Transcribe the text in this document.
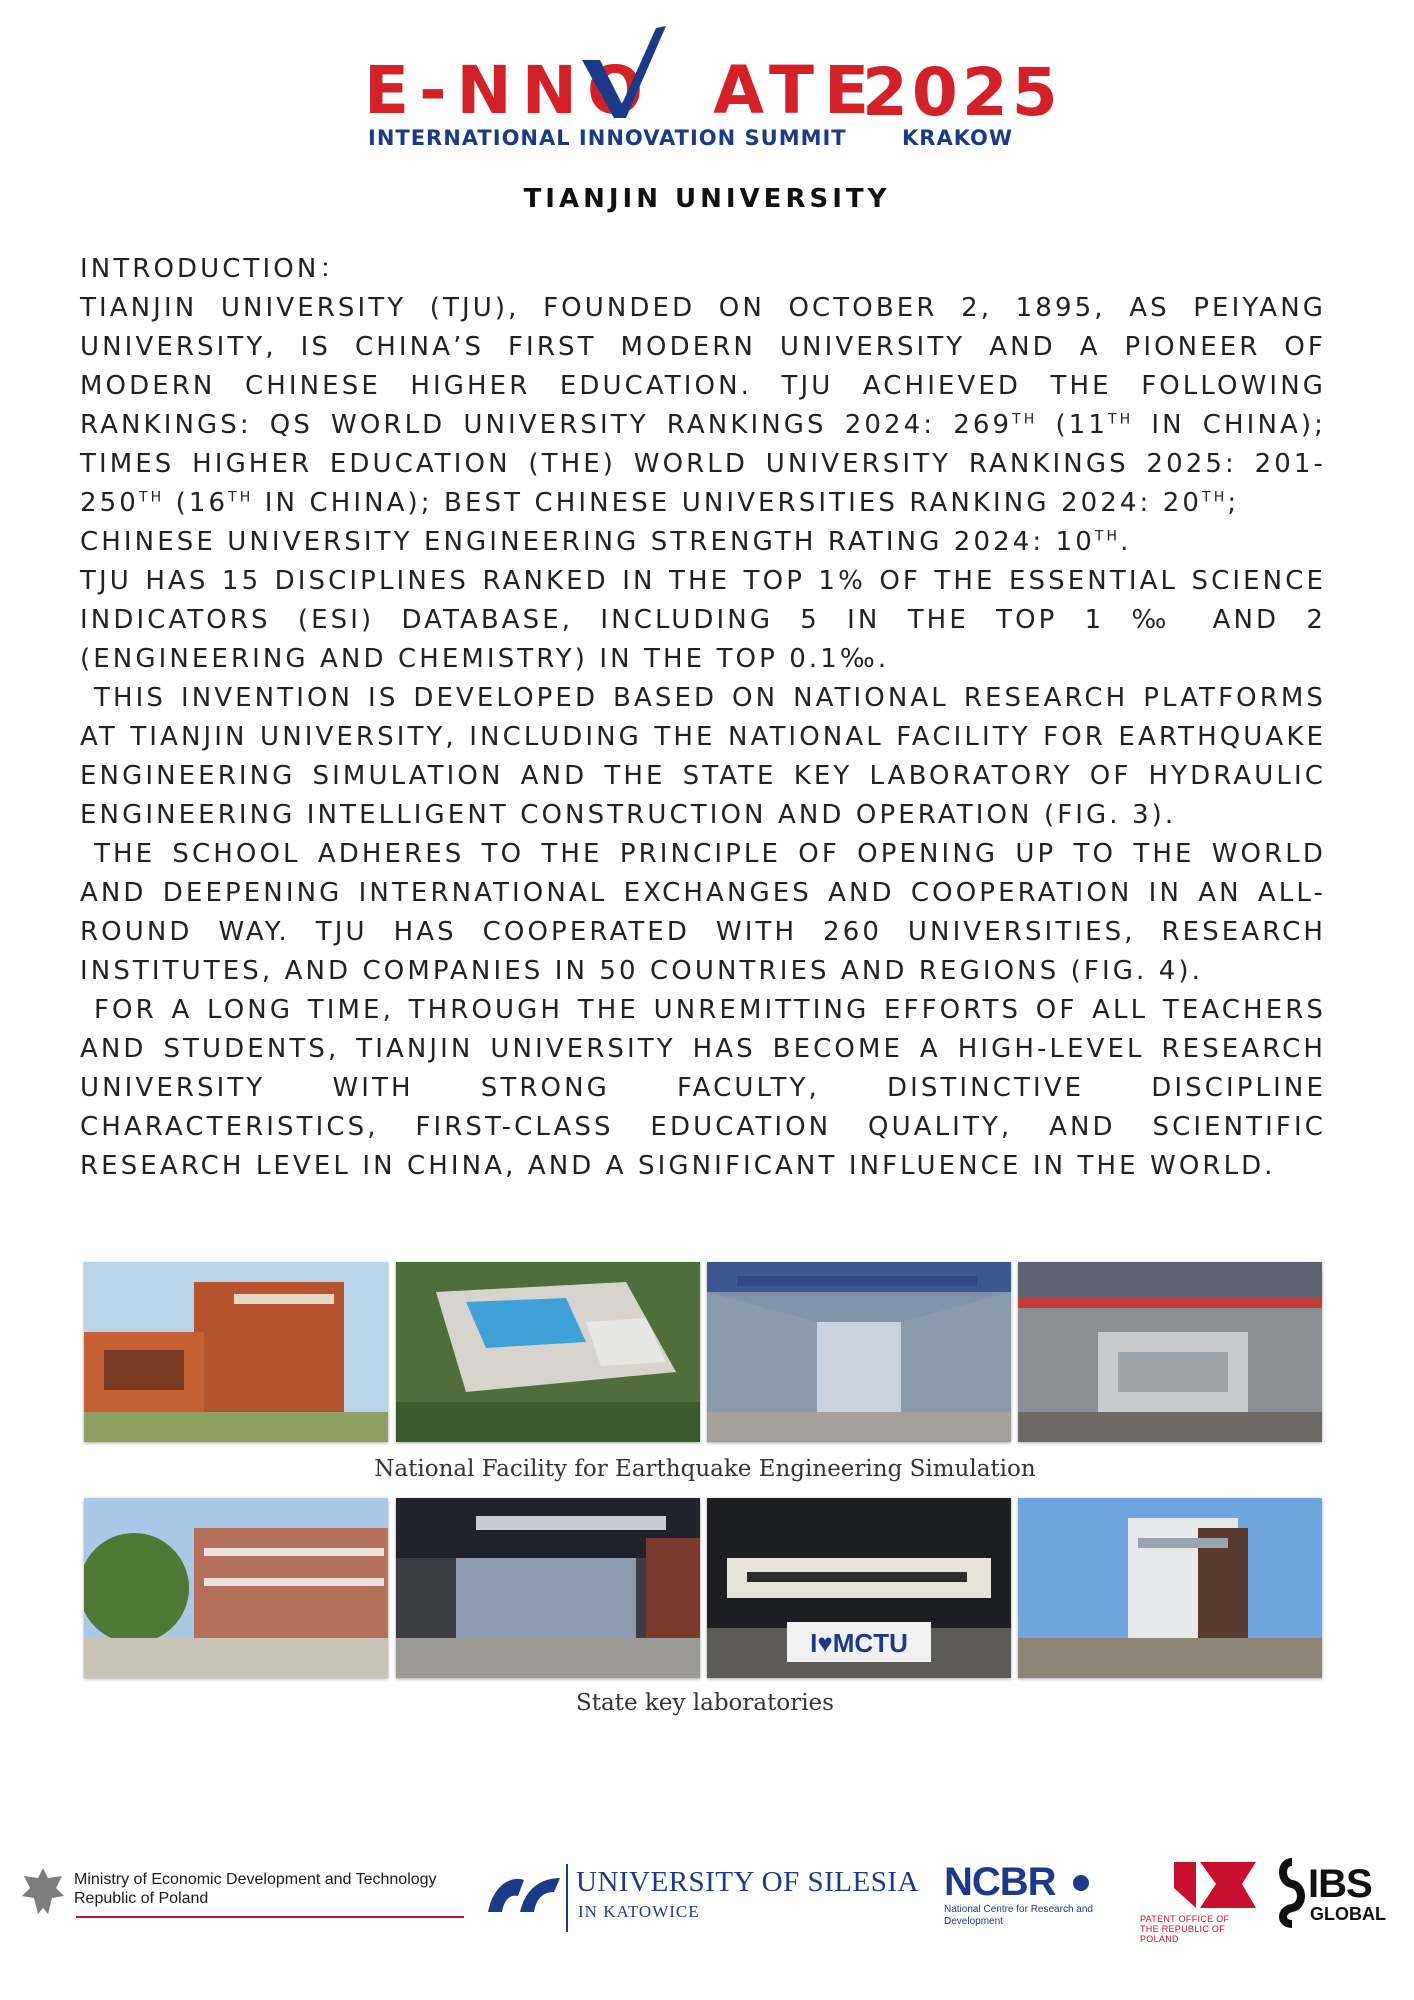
E-NNO ATE
2025
INTERNATIONAL INNOVATION SUMMIT	KRAKOW
TIANJIN UNIVERSITY

INTRODUCTION：

TIANJIN UNIVERSITY (TJU), FOUNDED ON OCTOBER 2, 1895, AS PEIYANG UNIVERSITY, IS CHINA’S FIRST MODERN UNIVERSITY AND A PIONEER OF MODERN CHINESE HIGHER EDUCATION. TJU ACHIEVED THE FOLLOWING RANKINGS: QS WORLD UNIVERSITY RANKINGS 2024: 269TH (11TH IN CHINA); TIMES HIGHER EDUCATION (THE) WORLD UNIVERSITY RANKINGS 2025: 201-250TH (16TH IN CHINA); BEST CHINESE UNIVERSITIES RANKING 2024: 20TH;

CHINESE UNIVERSITY ENGINEERING STRENGTH RATING 2024: 10TH.

TJU HAS 15 DISCIPLINES RANKED IN THE TOP 1% OF THE ESSENTIAL SCIENCE INDICATORS (ESI) DATABASE, INCLUDING 5 IN THE TOP 1 ‰ AND 2 (ENGINEERING AND CHEMISTRY) IN THE TOP 0.1‰.

THIS INVENTION IS DEVELOPED BASED ON NATIONAL RESEARCH PLATFORMS AT TIANJIN UNIVERSITY, INCLUDING THE NATIONAL FACILITY FOR EARTHQUAKE ENGINEERING SIMULATION AND THE STATE KEY LABORATORY OF HYDRAULIC ENGINEERING INTELLIGENT CONSTRUCTION AND OPERATION (FIG. 3).

THE SCHOOL ADHERES TO THE PRINCIPLE OF OPENING UP TO THE WORLD AND DEEPENING INTERNATIONAL EXCHANGES AND COOPERATION IN AN ALL-ROUND WAY. TJU HAS COOPERATED WITH 260 UNIVERSITIES, RESEARCH INSTITUTES, AND COMPANIES IN 50 COUNTRIES AND REGIONS (FIG. 4).

FOR A LONG TIME, THROUGH THE UNREMITTING EFFORTS OF ALL TEACHERS AND STUDENTS, TIANJIN UNIVERSITY HAS BECOME A HIGH-LEVEL RESEARCH UNIVERSITY WITH STRONG FACULTY, DISTINCTIVE DISCIPLINE CHARACTERISTICS, FIRST-CLASS EDUCATION QUALITY, AND SCIENTIFIC RESEARCH LEVEL IN CHINA, AND A SIGNIFICANT INFLUENCE IN THE WORLD.

National Facility for Earthquake Engineering Simulation
I♥MCTU
State key laboratories
Ministry of Economic Development and Technology
Republic of Poland
UNIVERSITY OF SILESIA
IN KATOWICE
NCBR
National Centre for Research and Development	PATENT OFFICE OF THE REPUBLIC OF POLAND
IBS
GLOBAL
